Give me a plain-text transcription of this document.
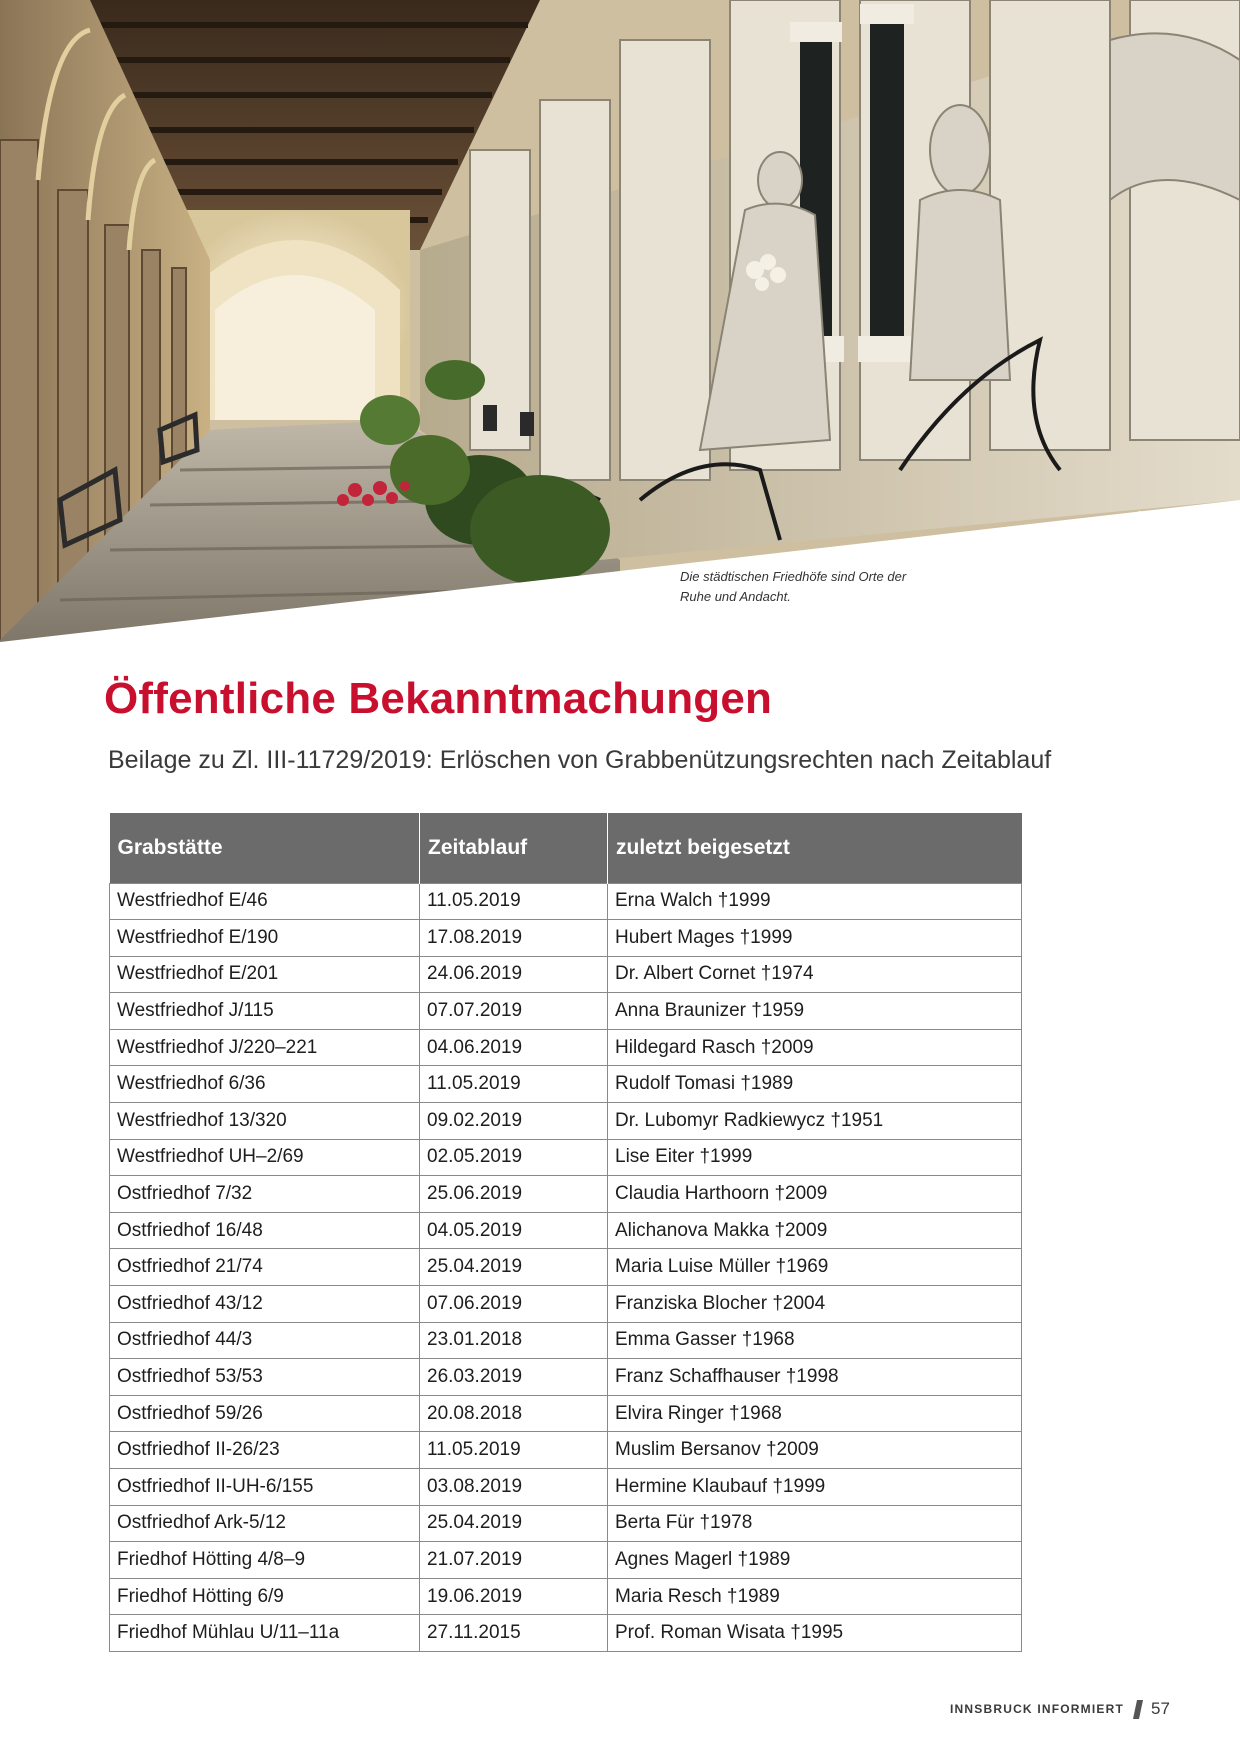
© V. LERCHER
Die städtischen Friedhöfe sind Orte der Ruhe und Andacht.
Öffentliche Bekanntmachungen
Beilage zu Zl. III-11729/2019: Erlöschen von Grabbenützungsrechten nach Zeitablauf
Grabstätte	Zeitablauf	zuletzt beigesetzt
Westfriedhof E/46	11.05.2019	Erna Walch †1999
Westfriedhof E/190	17.08.2019	Hubert Mages †1999
Westfriedhof E/201	24.06.2019	Dr. Albert Cornet †1974
Westfriedhof J/115	07.07.2019	Anna Braunizer †1959
Westfriedhof J/220–221	04.06.2019	Hildegard Rasch †2009
Westfriedhof 6/36	11.05.2019	Rudolf Tomasi †1989
Westfriedhof 13/320	09.02.2019	Dr. Lubomyr Radkiewycz †1951
Westfriedhof UH–2/69	02.05.2019	Lise Eiter †1999
Ostfriedhof 7/32	25.06.2019	Claudia Harthoorn †2009
Ostfriedhof 16/48	04.05.2019	Alichanova Makka †2009
Ostfriedhof 21/74	25.04.2019	Maria Luise Müller †1969
Ostfriedhof 43/12	07.06.2019	Franziska Blocher †2004
Ostfriedhof 44/3	23.01.2018	Emma Gasser †1968
Ostfriedhof 53/53	26.03.2019	Franz Schaffhauser †1998
Ostfriedhof 59/26	20.08.2018	Elvira Ringer †1968
Ostfriedhof II-26/23	11.05.2019	Muslim Bersanov †2009
Ostfriedhof II-UH-6/155	03.08.2019	Hermine Klaubauf †1999
Ostfriedhof Ark-5/12	25.04.2019	Berta Für †1978
Friedhof Hötting 4/8–9	21.07.2019	Agnes Magerl †1989
Friedhof Hötting 6/9	19.06.2019	Maria Resch †1989
Friedhof Mühlau U/11–11a	27.11.2015	Prof. Roman Wisata †1995
INNSBRUCK INFORMIERT 57
